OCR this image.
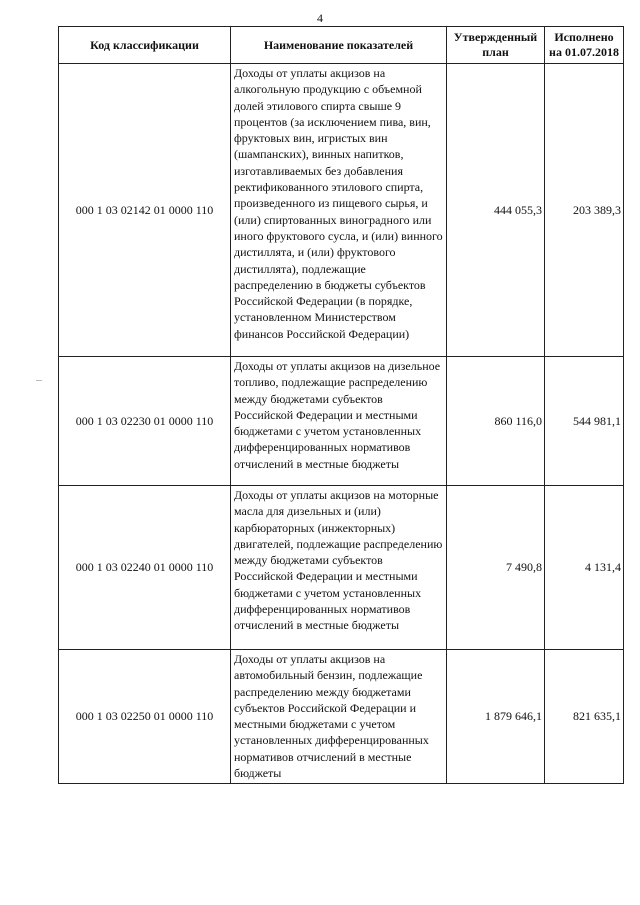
4
Код классификации	Наименование показателей	Утвержденный план	Исполнено на 01.07.2018
000 1 03 02142 01 0000 110	Доходы от уплаты акцизов на алкогольную продукцию с объемной долей этилового спирта свыше 9 процентов (за исключением пива, вин, фруктовых вин, игристых вин (шампанских), винных напитков, изготавливаемых без добавления ректификованного этилового спирта, произведенного из пищевого сырья, и (или) спиртованных виноградного или иного фруктового сусла, и (или) винного дистиллята, и (или) фруктового дистиллята), подлежащие распределению в бюджеты субъектов Российской Федерации (в порядке, установленном Министерством финансов Российской Федерации)	444 055,3	203 389,3
000 1 03 02230 01 0000 110	Доходы от уплаты акцизов на дизельное топливо, подлежащие распределению между бюджетами субъектов Российской Федерации и местными бюджетами с учетом установленных дифференцированных нормативов отчислений в местные бюджеты	860 116,0	544 981,1
000 1 03 02240 01 0000 110	Доходы от уплаты акцизов на моторные масла для дизельных и (или) карбюраторных (инжекторных) двигателей, подлежащие распределению между бюджетами субъектов Российской Федерации и местными бюджетами с учетом установленных дифференцированных нормативов отчислений в местные бюджеты	7 490,8	4 131,4
000 1 03 02250 01 0000 110	Доходы от уплаты акцизов на автомобильный бензин, подлежащие распределению между бюджетами субъектов Российской Федерации и местными бюджетами с учетом установленных дифференцированных нормативов отчислений в местные бюджеты	1 879 646,1	821 635,1
